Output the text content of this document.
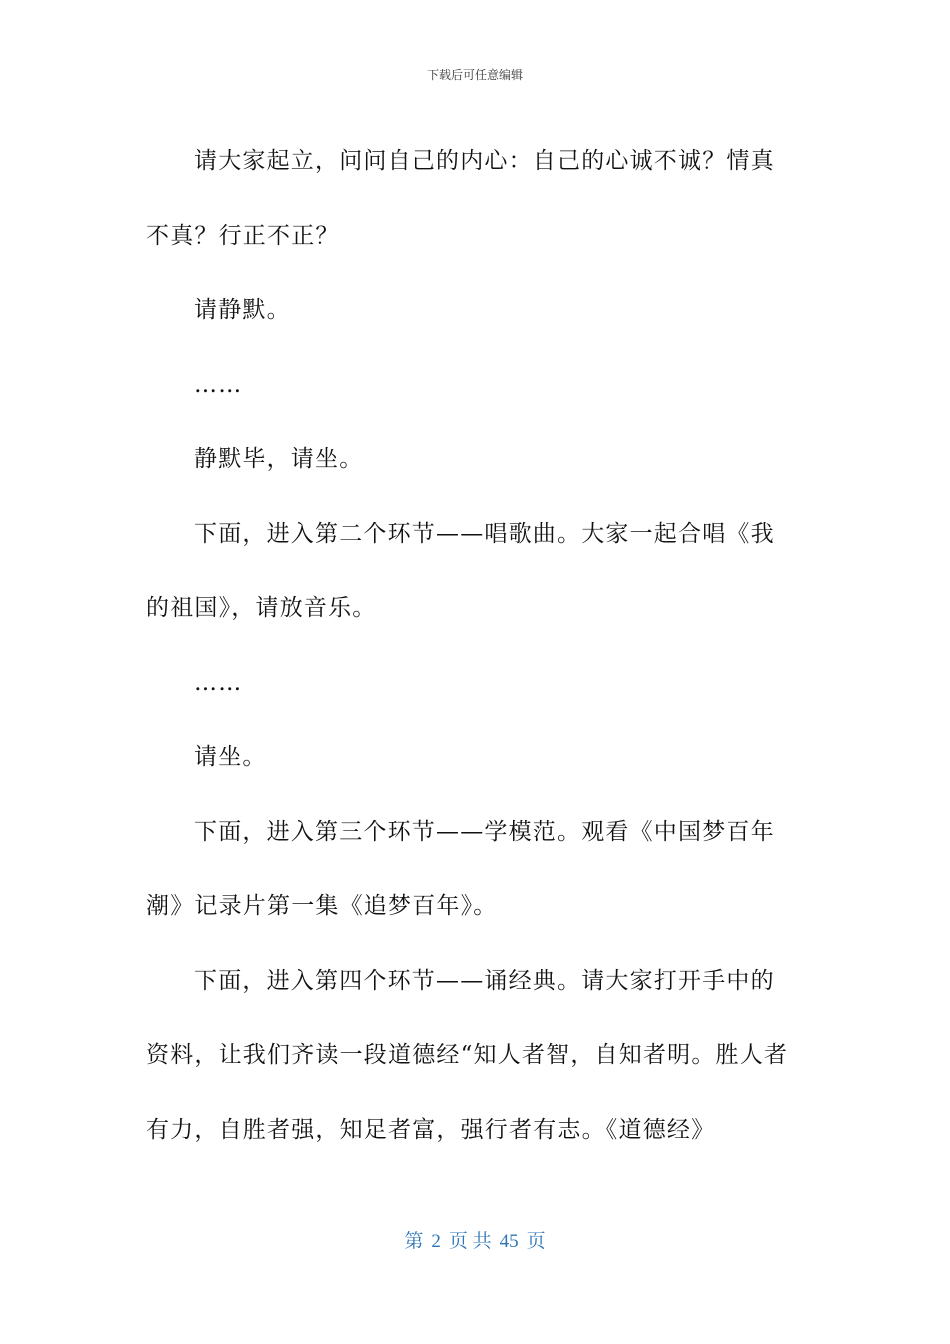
下载后可任意编辑

请大家起立，问问自己的内心：自己的心诚不诚？情真不真？行正不正？

请静默。

……

静默毕，请坐。

下面，进入第二个环节——唱歌曲。大家一起合唱《我的祖国》，请放音乐。

……

请坐。

下面，进入第三个环节——学模范。观看《中国梦百年潮》记录片第一集《追梦百年》。

下面，进入第四个环节——诵经典。请大家打开手中的资料，让我们齐读一段道德经“知人者智，自知者明。胜人者有力，自胜者强，知足者富，强行者有志。《道德经》

第 2 页 共 45 页
